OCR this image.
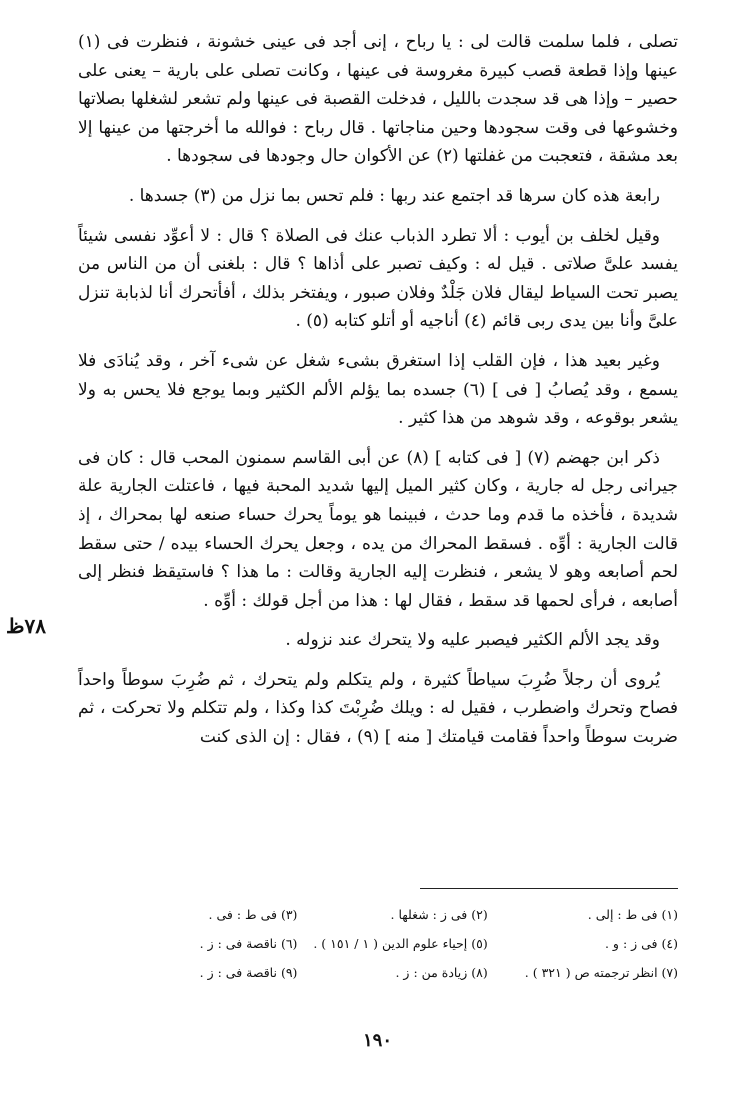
تصلى ، فلما سلمت قالت لى : يا رباح ، إنى أجد فى عينى خشونة ، فنظرت فى (١) عينها وإذا قطعة قصب كبيرة مغروسة فى عينها ، وكانت تصلى على بارية – يعنى على حصير – وإذا هى قد سجدت بالليل ، فدخلت القصبة فى عينها ولم تشعر لشغلها بصلاتها وخشوعها فى وقت سجودها وحين مناجاتها . قال رباح : فوالله ما أخرجتها من عينها إلا بعد مشقة ، فتعجبت من غفلتها (٢) عن الأكوان حال وجودها فى سجودها .

رابعة هذه كان سرها قد اجتمع عند ربها : فلم تحس بما نزل من (٣) جسدها .

وقيل لخلف بن أيوب : ألا تطرد الذباب عنك فى الصلاة ؟ قال : لا أعوِّد نفسى شيئاً يفسد علىَّ صلاتى . قيل له : وكيف تصبر على أذاها ؟ قال : بلغنى أن من الناس من يصبر تحت السياط ليقال فلان جَلْدٌ وفلان صبور ، ويفتخر بذلك ، أفأتحرك أنا لذبابة تنزل علىَّ وأنا بين يدى ربى قائم (٤) أناجيه أو أتلو كتابه (٥) .

وغير بعيد هذا ، فإن القلب إذا استغرق بشىء شغل عن شىء آخر ، وقد يُنادَى فلا يسمع ، وقد يُصابُ [ فى ] (٦) جسده بما يؤلم الألم الكثير وبما يوجع فلا يحس به ولا يشعر بوقوعه ، وقد شوهد من هذا كثير .

ذكر ابن جهضم (٧) [ فى كتابه ] (٨) عن أبى القاسم سمنون المحب قال : كان فى جيرانى رجل له جارية ، وكان كثير الميل إليها شديد المحبة فيها ، فاعتلت الجارية علة شديدة ، فأخذه ما قدم وما حدث ، فبينما هو يوماً يحرك حساء صنعه لها بمحراك ، إذ قالت الجارية : أوِّه . فسقط المحراك من يده ، وجعل يحرك الحساء بيده / حتى سقط لحم أصابعه وهو لا يشعر ، فنظرت إليه الجارية وقالت : ما هذا ؟ فاستيقظ فنظر إلى أصابعه ، فرأى لحمها قد سقط ، فقال لها : هذا من أجل قولك : أوِّه .

وقد يجد الألم الكثير فيصبر عليه ولا يتحرك عند نزوله .

يُروى أن رجلاً ضُرِبَ سياطاً كثيرة ، ولم يتكلم ولم يتحرك ، ثم ضُرِبَ سوطاً واحداً فصاح وتحرك واضطرب ، فقيل له : ويلك ضُرِبْتَ كذا وكذا ، ولم تتكلم ولا تحركت ، ثم ضربت سوطاً واحداً فقامت قيامتك [ منه ] (٩) ، فقال : إن الذى كنت

٧٨ظ
(١) فى ط : إلى .
(٢) فى ز : شغلها .
(٣) فى ط : فى .
(٤) فى ز : و .
(٥) إحياء علوم الدين ( ١ / ١٥١ ) .
(٦) ناقصة فى : ز .
(٧) انظر ترجمته ص ( ٣٢١ ) .
(٨) زيادة من : ز .
(٩) ناقصة فى : ز .
١٩٠
